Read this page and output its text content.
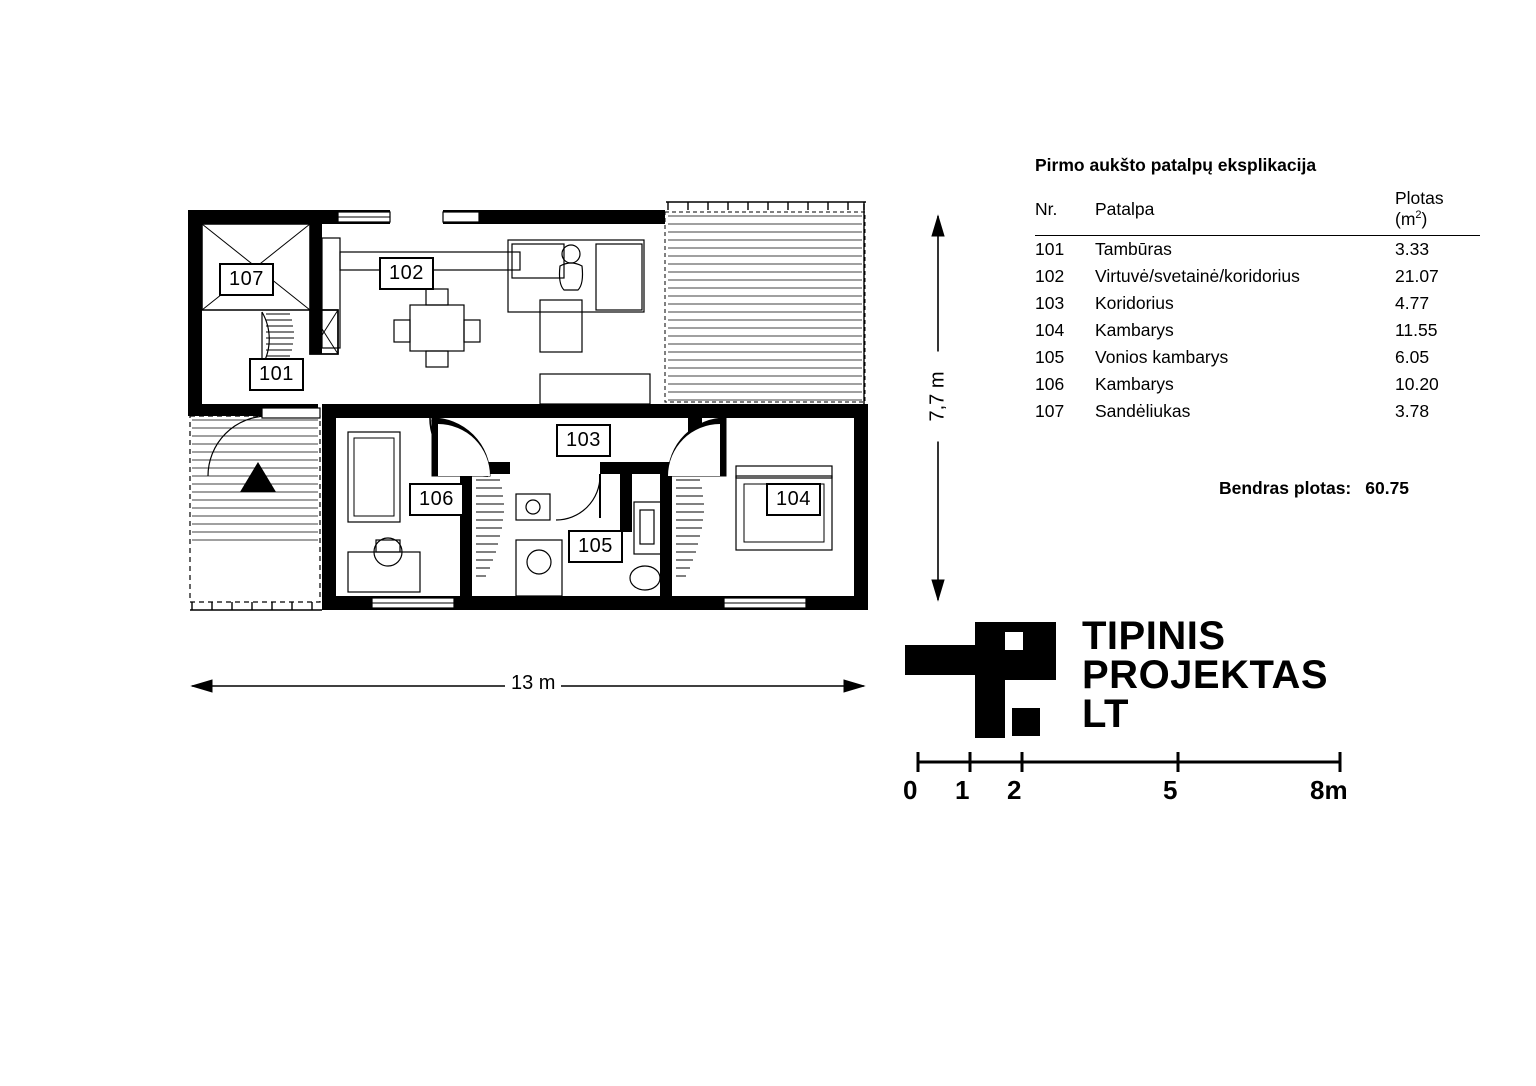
107	102
101
103
106
105
104
13 m
7,7 m
Pirmo aukšto patalpų eksplikacija
Nr.	Patalpa	Plotas $(m^2)$
101	Tambūras	3.33
102	Virtuvė/svetainė/koridorius	21.07
103	Koridorius	4.77
104	Kambarys	11.55
105	Vonios kambarys	6.05
106	Kambarys	10.20
107	Sandėliukas	3.78
Bendras plotas: 60.75
TIPINIS
PROJEKTAS
LT
0 1 2	5	8m
